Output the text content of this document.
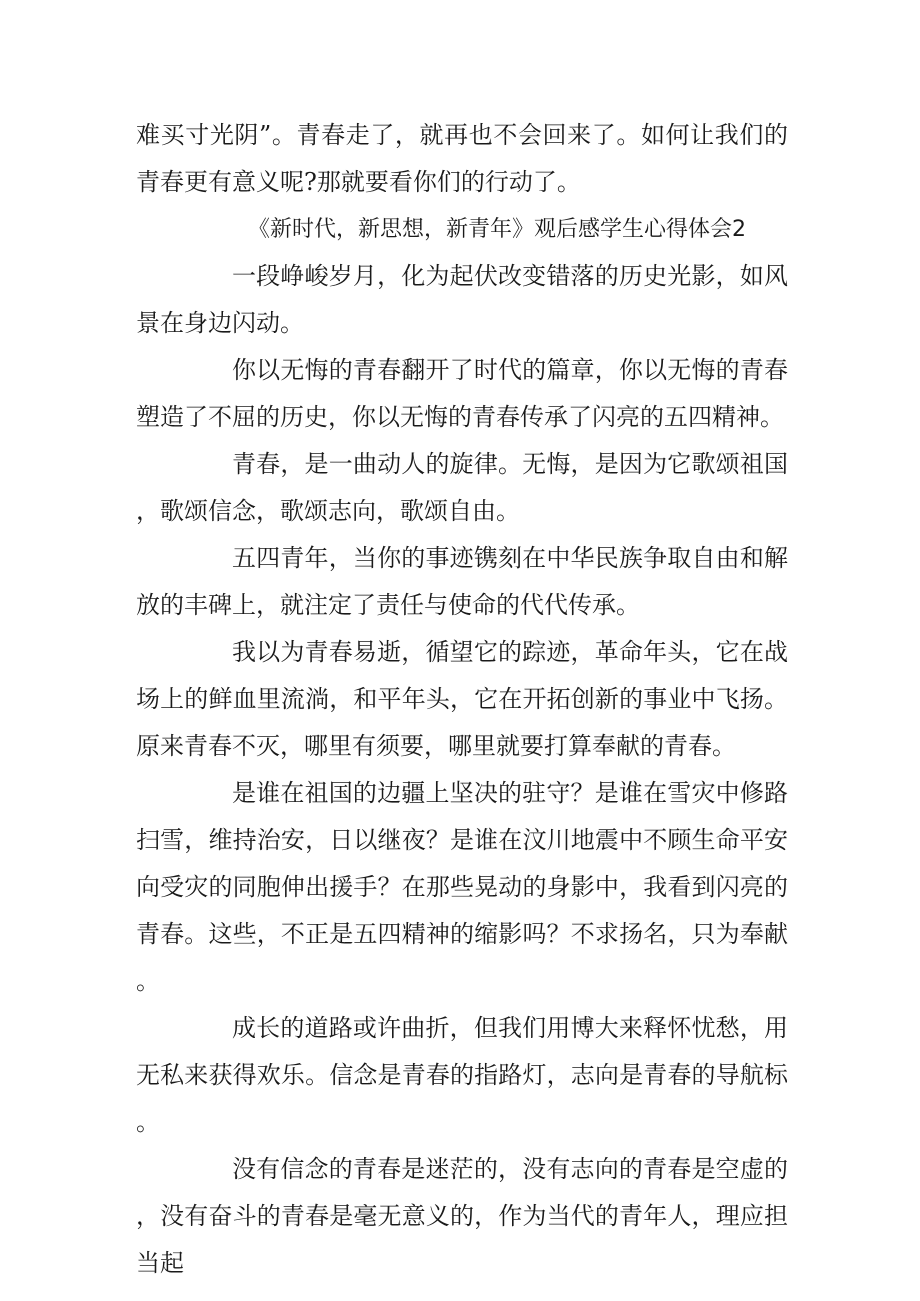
难买寸光阴”。青春走了，就再也不会回来了。如何让我们的青春更有意义呢?那就要看你们的行动了。

《新时代，新思想，新青年》观后感学生心得体会2

一段峥峻岁月，化为起伏改变错落的历史光影，如风景在身边闪动。

你以无悔的青春翻开了时代的篇章，你以无悔的青春塑造了不屈的历史，你以无悔的青春传承了闪亮的五四精神。

青春，是一曲动人的旋律。无悔，是因为它歌颂祖国，歌颂信念，歌颂志向，歌颂自由。

五四青年，当你的事迹镌刻在中华民族争取自由和解放的丰碑上，就注定了责任与使命的代代传承。

我以为青春易逝，循望它的踪迹，革命年头，它在战场上的鲜血里流淌，和平年头，它在开拓创新的事业中飞扬。原来青春不灭，哪里有须要，哪里就要打算奉献的青春。

是谁在祖国的边疆上坚决的驻守？是谁在雪灾中修路扫雪，维持治安，日以继夜？是谁在汶川地震中不顾生命平安向受灾的同胞伸出援手？在那些晃动的身影中，我看到闪亮的青春。这些，不正是五四精神的缩影吗？不求扬名，只为奉献。

成长的道路或许曲折，但我们用博大来释怀忧愁，用无私来获得欢乐。信念是青春的指路灯，志向是青春的导航标。

没有信念的青春是迷茫的，没有志向的青春是空虚的，没有奋斗的青春是毫无意义的，作为当代的青年人，理应担当起
